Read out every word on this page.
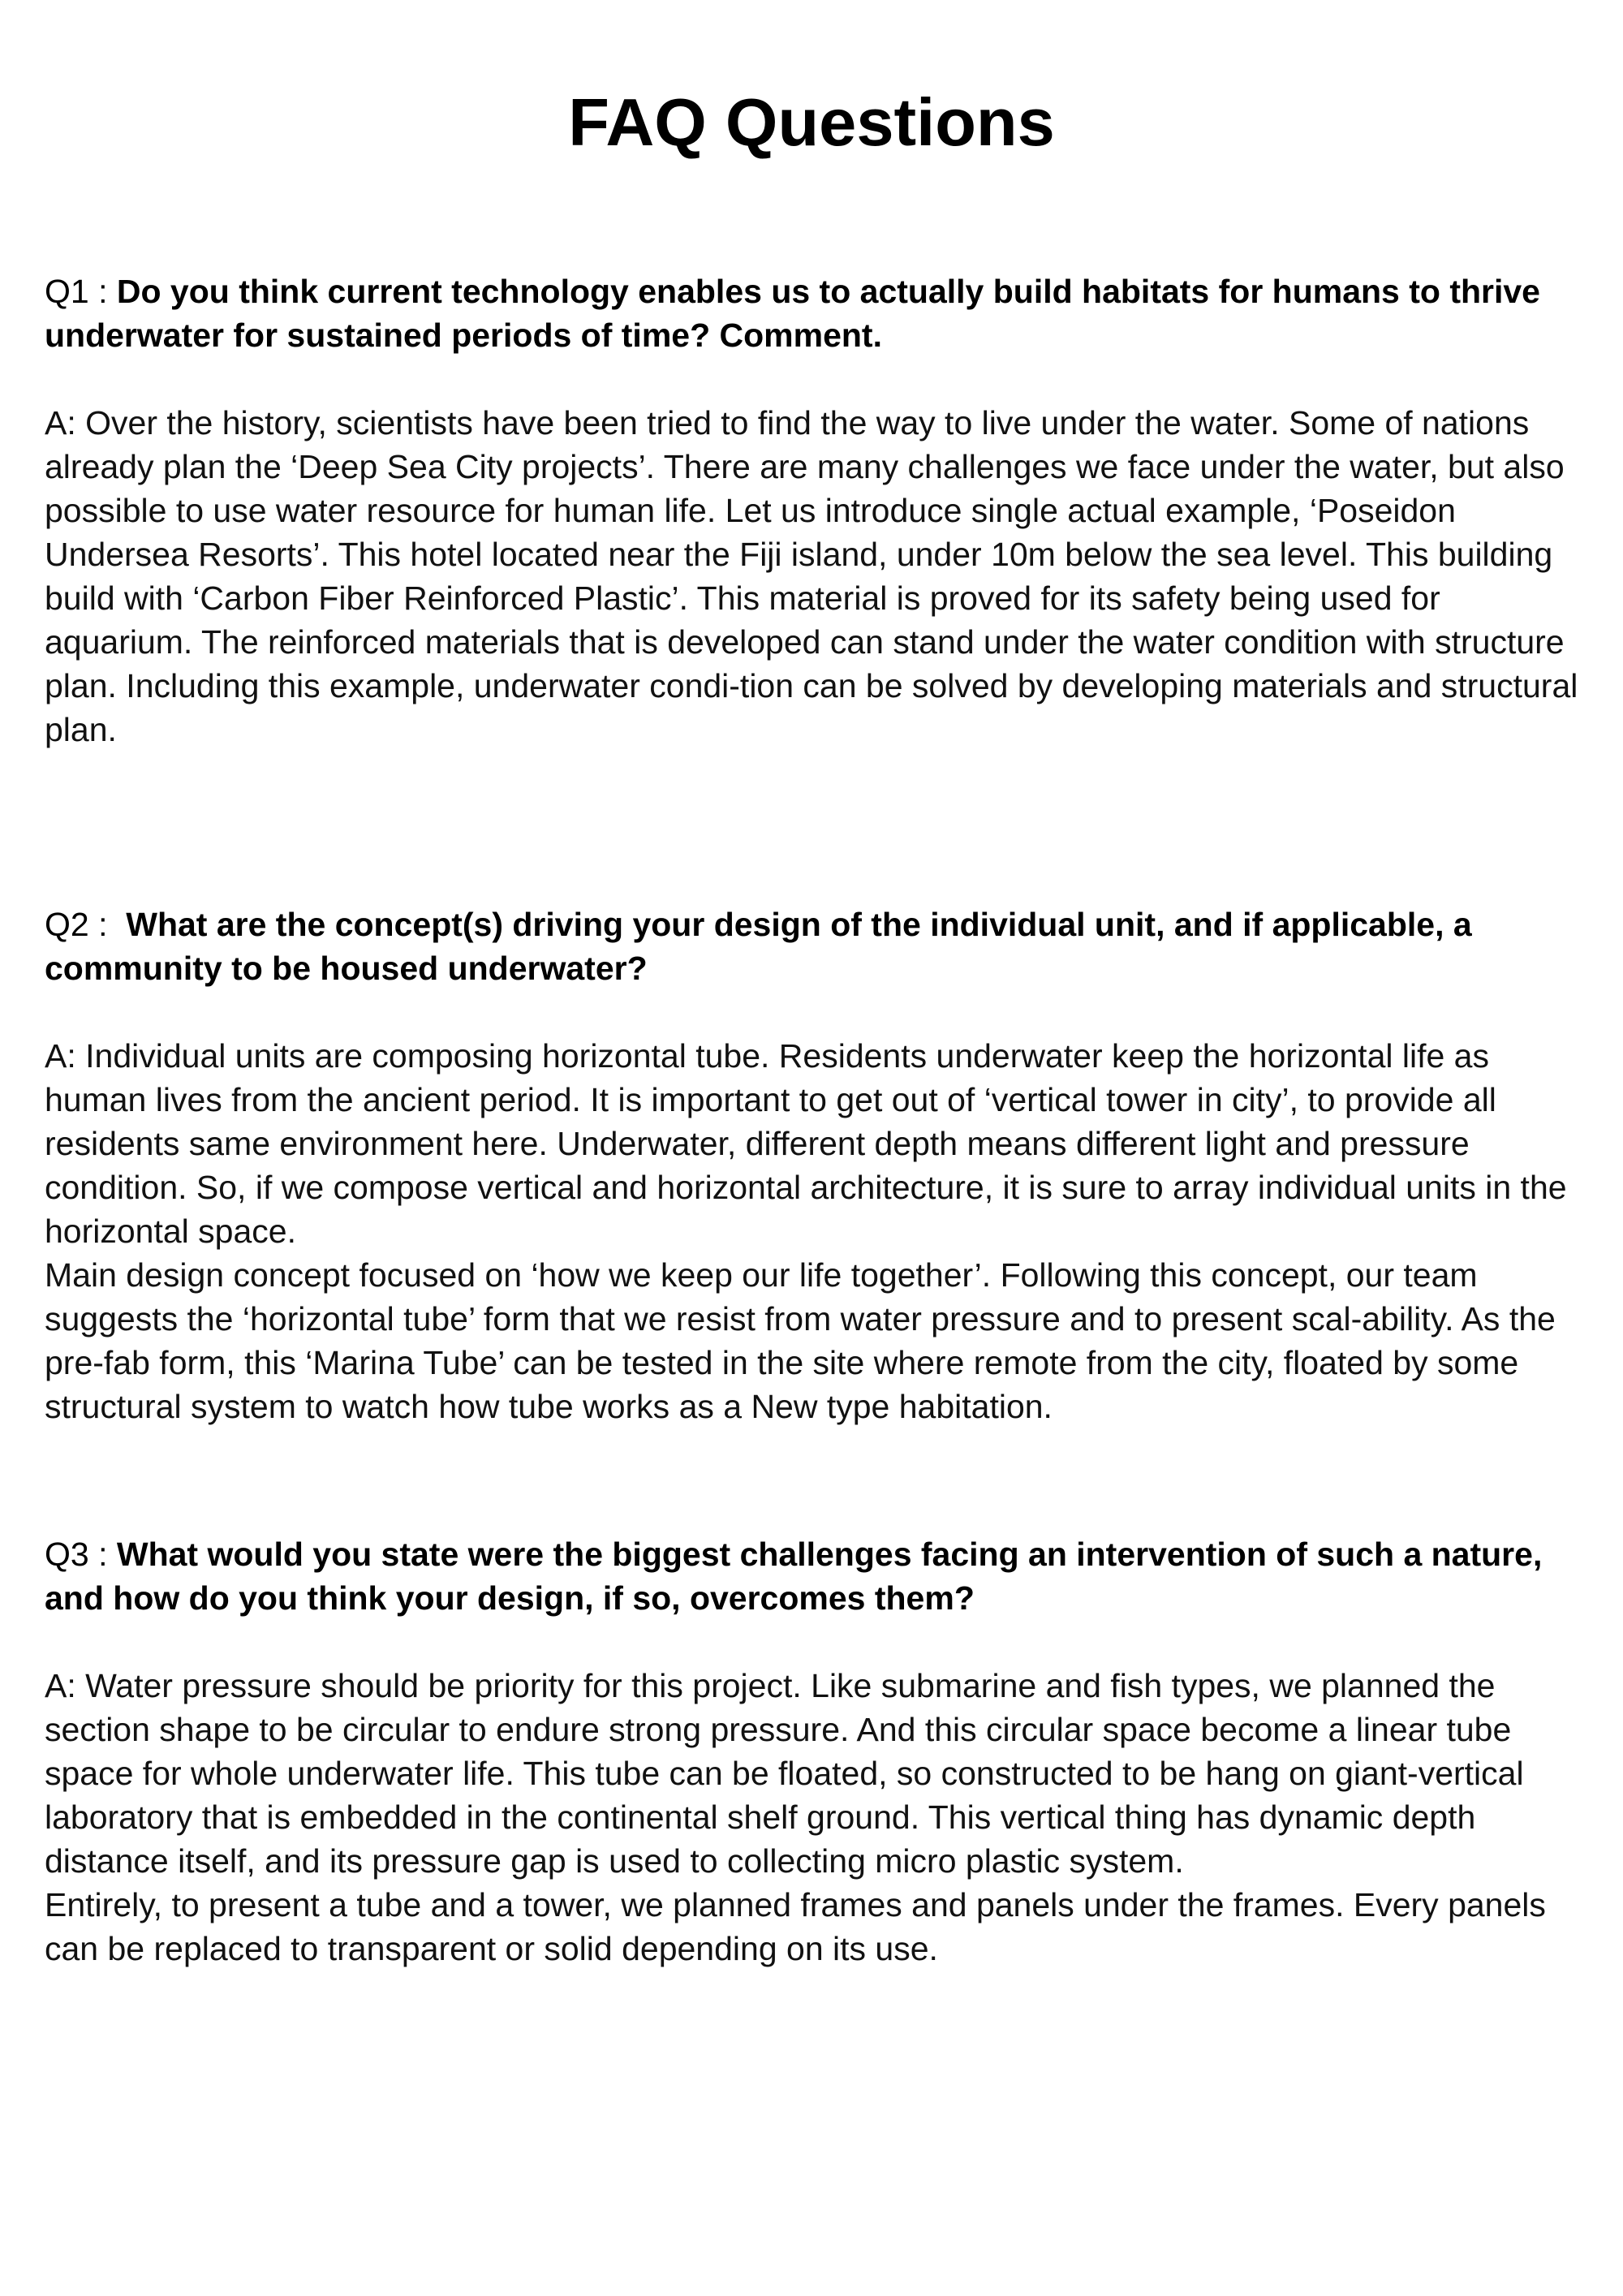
FAQ Questions

Q1 : Do you think current technology enables us to actually build habitats for humans to thrive underwater for sustained periods of time? Comment.

A: Over the history, scientists have been tried to find the way to live under the water. Some of nations already plan the ‘Deep Sea City projects’. There are many challenges we face under the water, but also possible to use water resource for human life. Let us introduce single actual example, ‘Poseidon Undersea Resorts’. This hotel located near the Fiji island, under 10m below the sea level. This building build with ‘Carbon Fiber Reinforced Plastic’. This material is proved for its safety being used for aquarium. The reinforced materials that is developed can stand under the water condition with structure plan. Including this example, underwater condi-tion can be solved by developing materials and structural plan.

Q2 :  What are the concept(s) driving your design of the individual unit, and if applicable, a community to be housed underwater?

A: Individual units are composing horizontal tube. Residents underwater keep the horizontal life as human lives from the ancient period. It is important to get out of ‘vertical tower in city’, to provide all residents same environment here. Underwater, different depth means different light and pressure condition. So, if we compose vertical and horizontal architecture, it is sure to array individual units in the horizontal space.

Main design concept focused on ‘how we keep our life together’. Following this concept, our team suggests the ‘horizontal tube’ form that we resist from water pressure and to present scal-ability. As the pre-fab form, this ‘Marina Tube’ can be tested in the site where remote from the city, floated by some structural system to watch how tube works as a New type habitation.

Q3 : What would you state were the biggest challenges facing an intervention of such a nature, and how do you think your design, if so, overcomes them?

A: Water pressure should be priority for this project. Like submarine and fish types, we planned the section shape to be circular to endure strong pressure. And this circular space become a linear tube space for whole underwater life. This tube can be floated, so constructed to be hang on giant-vertical laboratory that is embedded in the continental shelf ground. This vertical thing has dynamic depth distance itself, and its pressure gap is used to collecting micro plastic system.

Entirely, to present a tube and a tower, we planned frames and panels under the frames. Every panels can be replaced to transparent or solid depending on its use.
